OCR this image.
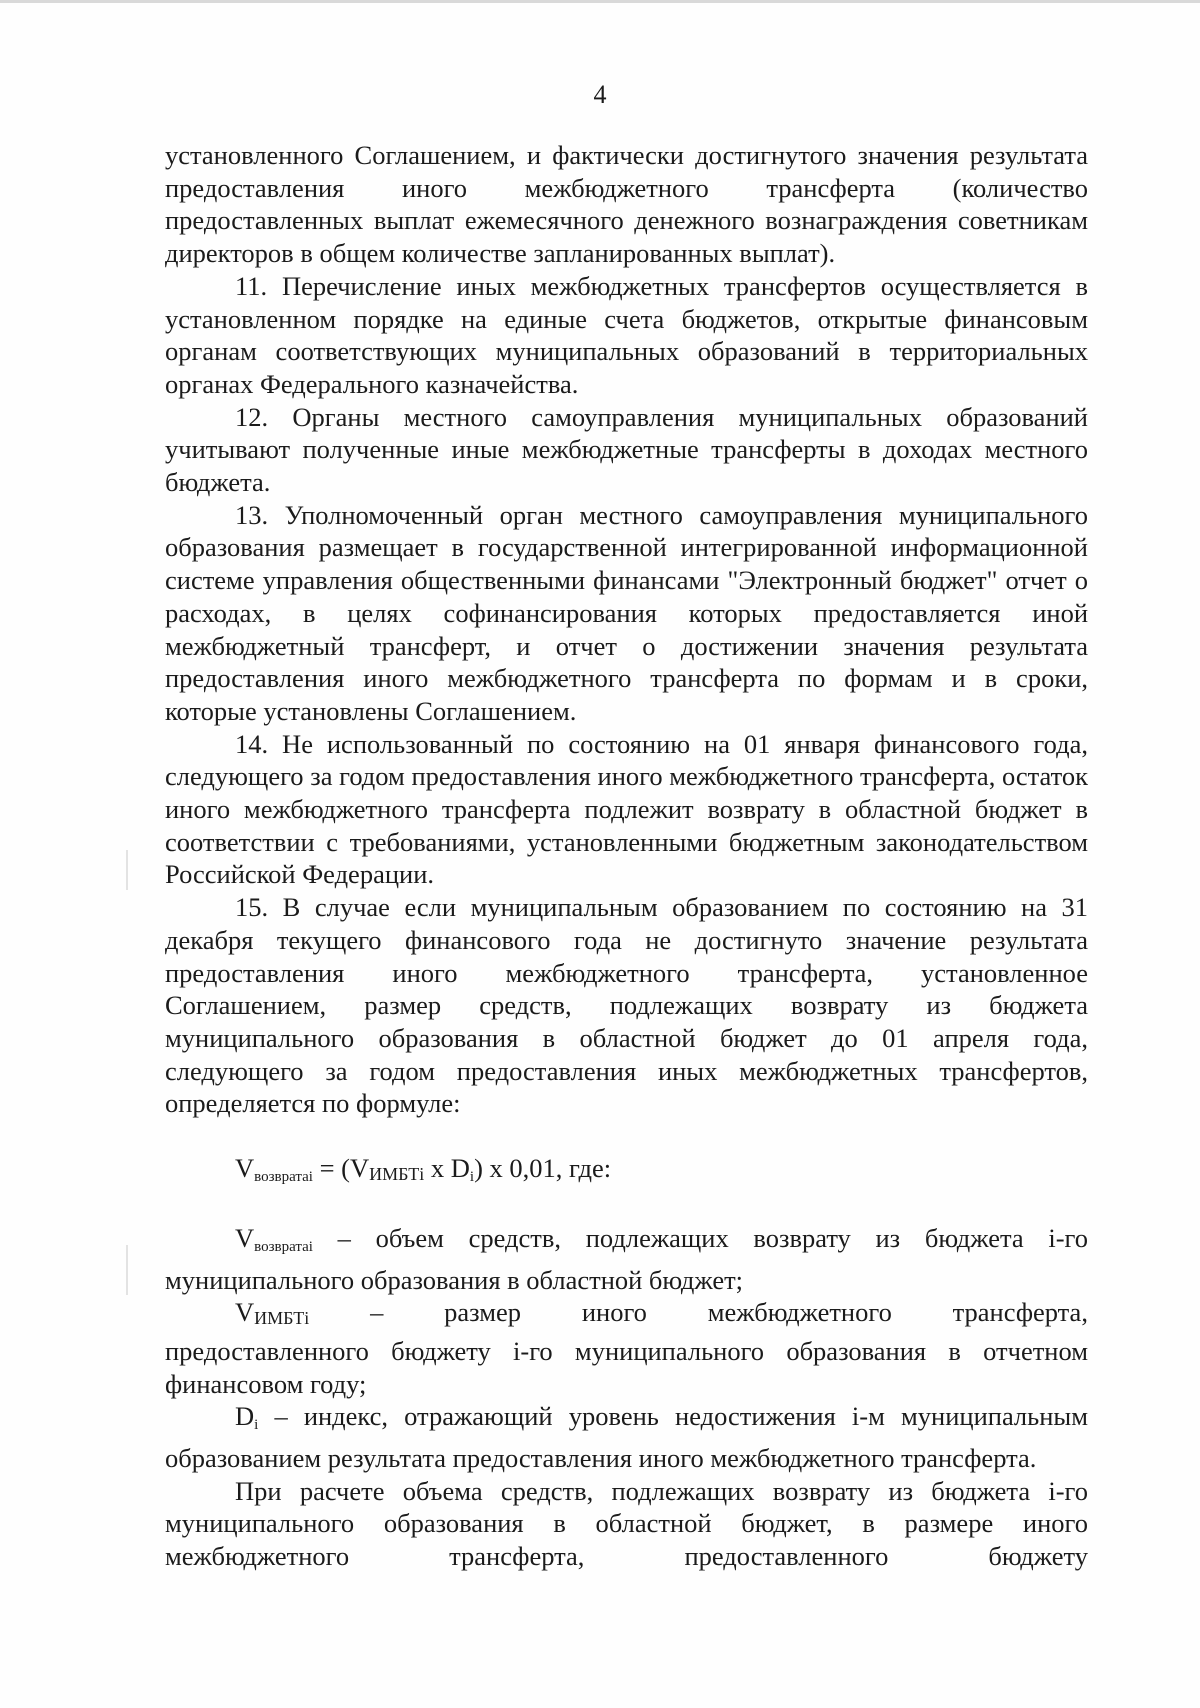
4

установленного Соглашением, и фактически достигнутого значения результата предоставления иного межбюджетного трансферта (количество предоставленных выплат ежемесячного денежного вознаграждения советникам директоров в общем количестве запланированных выплат).

11. Перечисление иных межбюджетных трансфертов осуществляется в установленном порядке на единые счета бюджетов, открытые финансовым органам соответствующих муниципальных образований в территориальных органах Федерального казначейства.

12. Органы местного самоуправления муниципальных образований учитывают полученные иные межбюджетные трансферты в доходах местного бюджета.

13. Уполномоченный орган местного самоуправления муниципального образования размещает в государственной интегрированной информационной системе управления общественными финансами "Электронный бюджет" отчет о расходах, в целях софинансирования которых предоставляется иной межбюджетный трансферт, и отчет о достижении значения результата предоставления иного межбюджетного трансферта по формам и в сроки, которые установлены Соглашением.

14. Не использованный по состоянию на 01 января финансового года, следующего за годом предоставления иного межбюджетного трансферта, остаток иного межбюджетного трансферта подлежит возврату в областной бюджет в соответствии с требованиями, установленными бюджетным законодательством Российской Федерации.

15. В случае если муниципальным образованием по состоянию на 31 декабря текущего финансового года не достигнуто значение результата предоставления иного межбюджетного трансферта, установленное Соглашением, размер средств, подлежащих возврату из бюджета муниципального образования в областной бюджет до 01 апреля года, следующего за годом предоставления иных межбюджетных трансфертов, определяется по формуле:

$V_{возвратаi}$ = (VИМБТi x $D_i$) x 0,01, где:

$V_{возвратаi}$ – объем средств, подлежащих возврату из бюджета i-го муниципального образования в областной бюджет;

VИМБТi – размер иного межбюджетного трансферта,

предоставленного бюджету i-го муниципального образования в отчетном финансовом году;

$D_i$ – индекс, отражающий уровень недостижения i-м муниципальным образованием результата предоставления иного межбюджетного трансферта.

При расчете объема средств, подлежащих возврату из бюджета i-го муниципального образования в областной бюджет, в размере иного межбюджетного трансферта, предоставленного бюджету
